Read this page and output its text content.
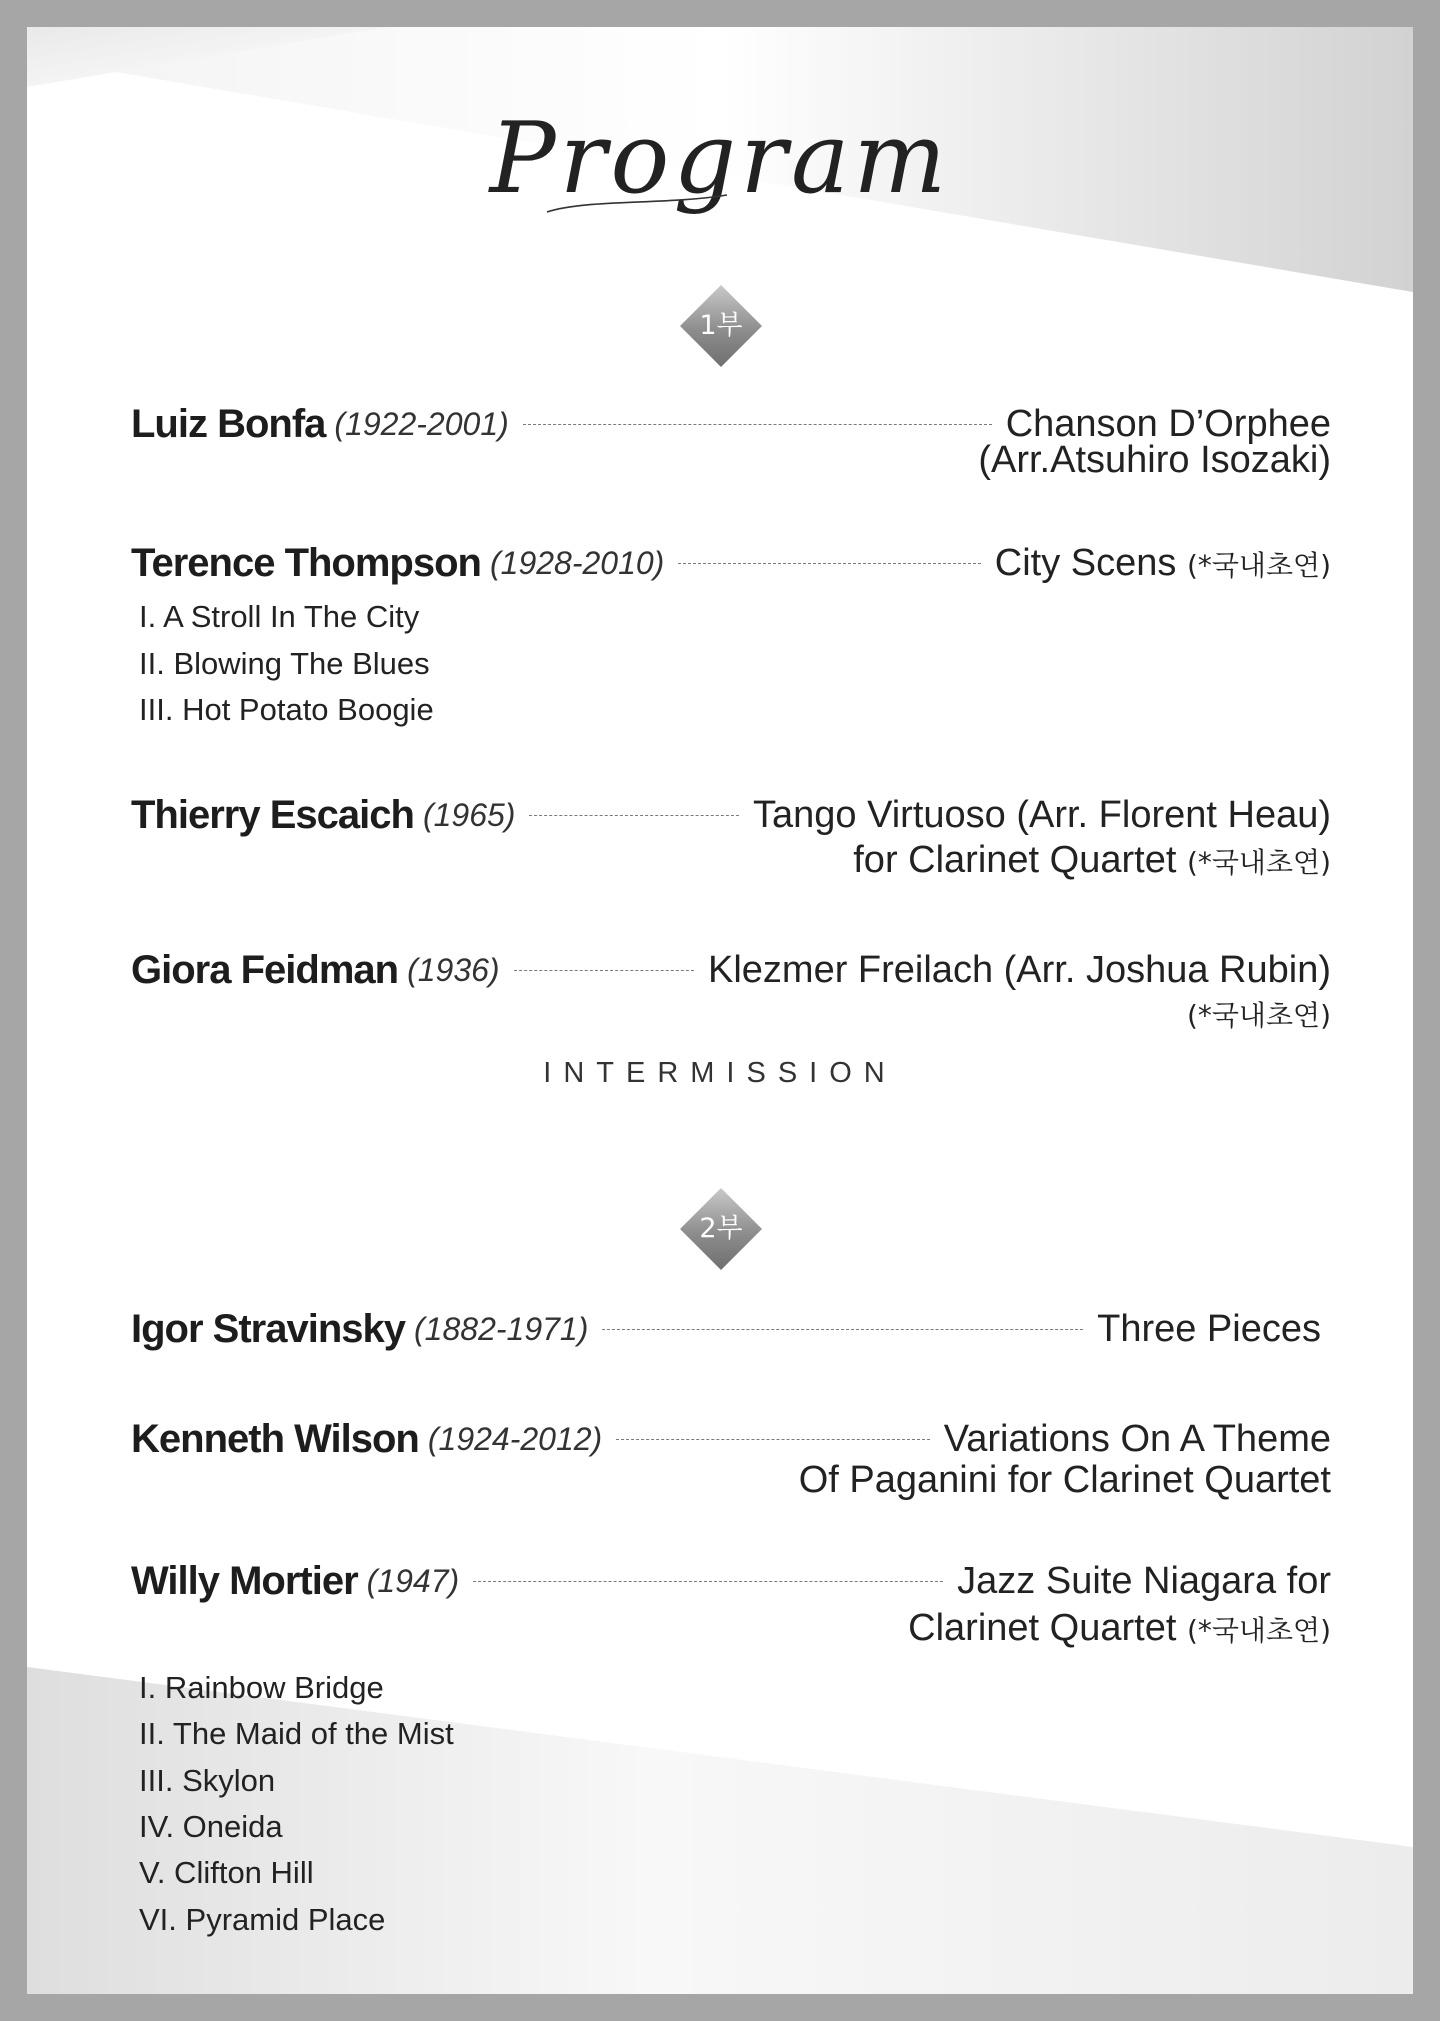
Program
1부
Luiz Bonfa (1922-2001)	Chanson D’Orphee
(Arr.Atsuhiro Isozaki)
Terence Thompson (1928-2010)	City Scens (*국내초연)
I. A Stroll In The City
II. Blowing The Blues
III. Hot Potato Boogie
Thierry Escaich (1965)	Tango Virtuoso (Arr. Florent Heau)
for Clarinet Quartet (*국내초연)
Giora Feidman (1936)	Klezmer Freilach (Arr. Joshua Rubin)
(*국내초연)
INTERMISSION
2부
Igor Stravinsky (1882-1971)	Three Pieces
Kenneth Wilson (1924-2012)	Variations On A Theme
Of Paganini for Clarinet Quartet
Willy Mortier (1947)	Jazz Suite Niagara for
Clarinet Quartet (*국내초연)
I. Rainbow Bridge
II. The Maid of the Mist
III. Skylon
IV. Oneida
V. Clifton Hill
VI. Pyramid Place
